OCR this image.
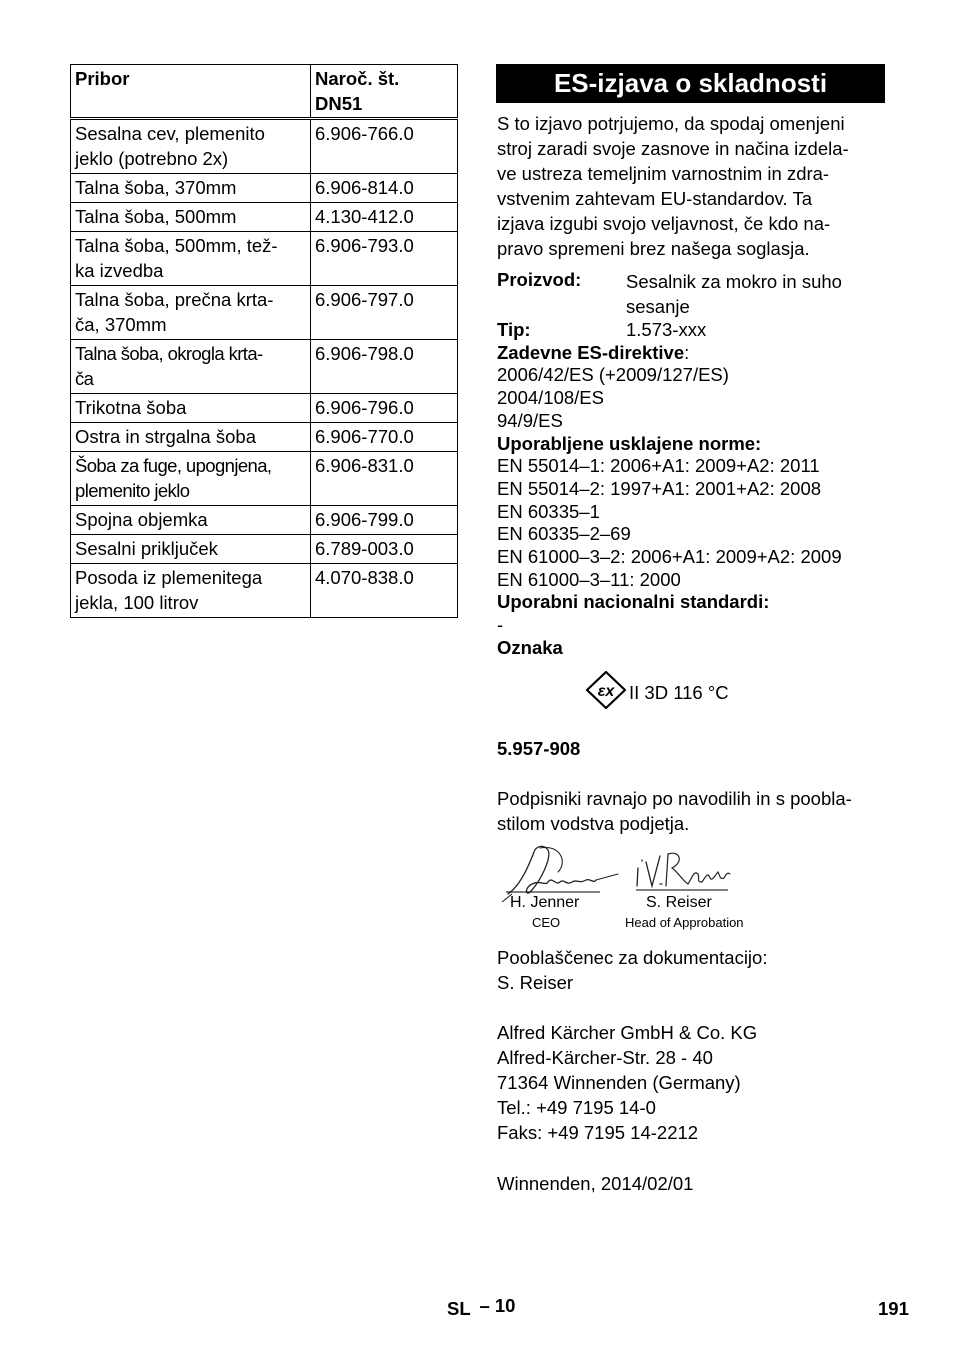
Pribor	Naroč. št.
DN51
Sesalna cev, plemenito
jeklo (potrebno 2x)	6.906-766.0
Talna šoba, 370mm	6.906-814.0
Talna šoba, 500mm	4.130-412.0
Talna šoba, 500mm, tež-
ka izvedba	6.906-793.0
Talna šoba, prečna krta-
ča, 370mm	6.906-797.0
Talna šoba, okrogla krta-
ča	6.906-798.0
Trikotna šoba	6.906-796.0
Ostra in strgalna šoba	6.906-770.0
Šoba za fuge, upognjena,
plemenito jeklo	6.906-831.0
Spojna objemka	6.906-799.0
Sesalni priključek	6.789-003.0
Posoda iz plemenitega
jekla, 100 litrov	4.070-838.0
ES-izjava o skladnosti
S to izjavo potrjujemo, da spodaj omenjeni
stroj zaradi svoje zasnove in načina izdela-
ve ustreza temeljnim varnostnim in zdra-
vstvenim zahtevam EU-standardov. Ta
izjava izgubi svojo veljavnost, če kdo na-
pravo spremeni brez našega soglasja.
Proizvod:	Sesalnik za mokro in suho
sesanje
Tip:	1.573-xxx
Zadevne ES-direktive:
2006/42/ES (+2009/127/ES)
2004/108/ES
94/9/ES
Uporabljene usklajene norme:
EN 55014–1: 2006+A1: 2009+A2: 2011
EN 55014–2: 1997+A1: 2001+A2: 2008
EN 60335–1
EN 60335–2–69
EN 61000–3–2: 2006+A1: 2009+A2: 2009
EN 61000–3–11: 2000
Uporabni nacionalni standardi:
-
Oznaka
εx II 3D 116 °C
5.957-908
Podpisniki ravnajo po navodilih in s poobla-
stilom vodstva podjetja.
H. Jenner
CEO
S. Reiser
Head of Approbation
Pooblaščenec za dokumentacijo:
S. Reiser
Alfred Kärcher GmbH & Co. KG
Alfred-Kärcher-Str. 28 - 40
71364 Winnenden (Germany)
Tel.: +49 7195 14-0
Faks: +49 7195 14-2212
Winnenden, 2014/02/01
SL – 10	191
